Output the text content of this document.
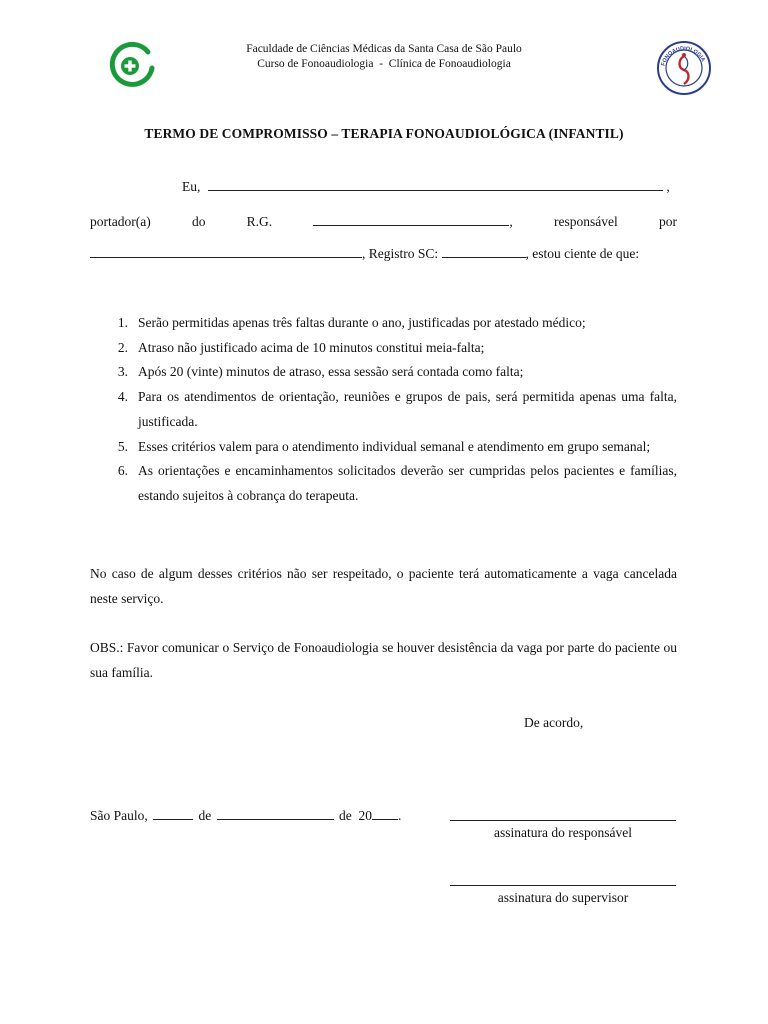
Faculdade de Ciências Médicas da Santa Casa de São Paulo
Curso de Fonoaudiologia  -  Clínica de Fonoaudiologia	FONOAUDIOLOGIA
TERMO DE COMPROMISSO – TERAPIA FONOAUDIOLÓGICA (INFANTIL)
Eu,	,
portador(a)	do	R.G.	,	responsável	por
, Registro SC:	, estou ciente de que:
1. Serão permitidas apenas três faltas durante o ano, justificadas por atestado médico;
2. Atraso não justificado acima de 10 minutos constitui meia-falta;
3. Após 20 (vinte) minutos de atraso, essa sessão será contada como falta;
4. Para os atendimentos de orientação, reuniões e grupos de pais, será permitida apenas uma falta, justificada.
5. Esses critérios valem para o atendimento individual semanal e atendimento em grupo semanal;
6. As orientações e encaminhamentos solicitados deverão ser cumpridas pelos pacientes e famílias, estando sujeitos à cobrança do terapeuta.
No caso de algum desses critérios não ser respeitado, o paciente terá automaticamente a vaga cancelada neste serviço.
OBS.: Favor comunicar o Serviço de Fonoaudiologia se houver desistência da vaga por parte do paciente ou sua família.
De acordo,
São Paulo,	de	de  20 .
assinatura do responsável
assinatura do supervisor
